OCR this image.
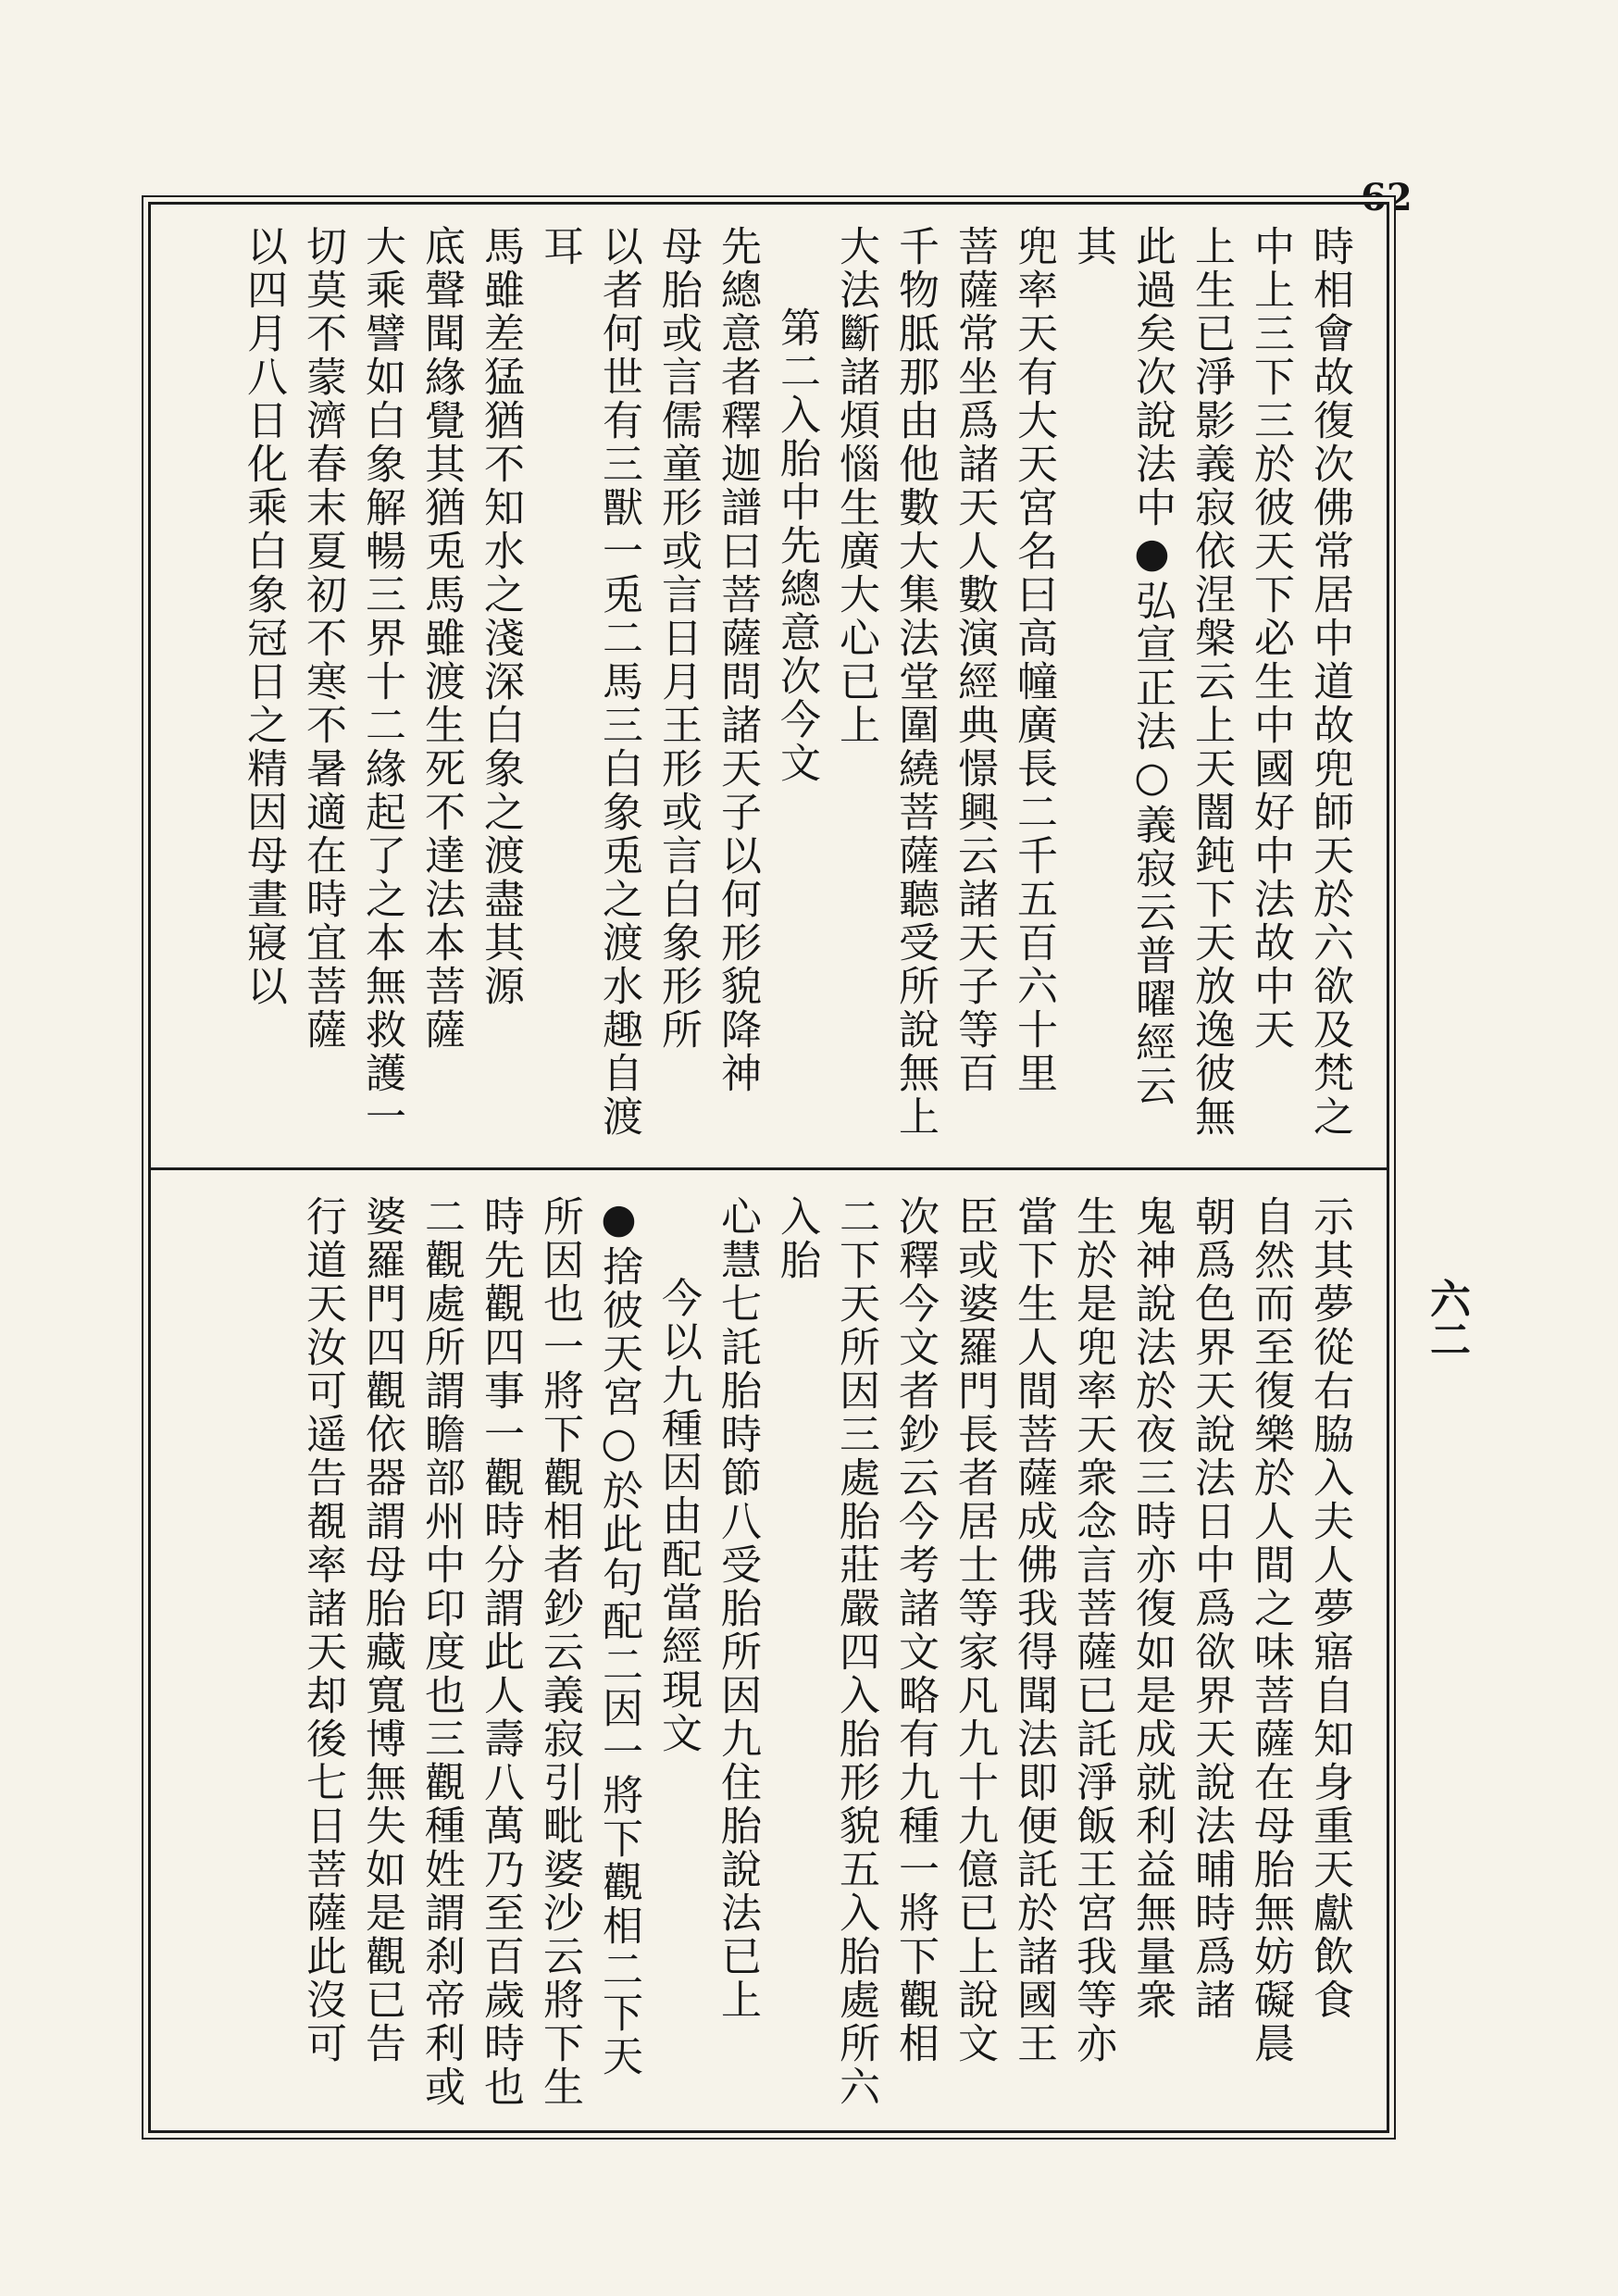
62
六二
時相會故復次佛常居中道故兜師天於六欲及梵之
中上三下三於彼天下必生中國好中法故中天
上生已淨影義寂依涅槃云上天闇鈍下天放逸彼無
此過矣次說法中●弘宣正法○義寂云普曜經云其
兜率天有大天宮名曰高幢廣長二千五百六十里
菩薩常坐爲諸天人數演經典憬興云諸天子等百
千物胝那由他數大集法堂圍繞菩薩聽受所說無上
大法斷諸煩惱生廣大心已上
第二入胎中先總意次今文
先總意者釋迦譜曰菩薩問諸天子以何形貌降神
母胎或言儒童形或言日月王形或言白象形所
以者何世有三獸一兎二馬三白象兎之渡水趣自渡耳
馬雖差猛猶不知水之淺深白象之渡盡其源
底聲聞緣覺其猶兎馬雖渡生死不達法本菩薩
大乘譬如白象解暢三界十二緣起了之本無救護一
切莫不蒙濟春末夏初不寒不暑適在時宜菩薩
以四月八日化乘白象冠日之精因母晝寢以
示其夢從右脇入夫人夢寤自知身重天獻飲食
自然而至復樂於人間之味菩薩在母胎無妨礙晨
朝爲色界天說法日中爲欲界天說法晡時爲諸
鬼神說法於夜三時亦復如是成就利益無量衆
生於是兜率天衆念言菩薩已託淨飯王宮我等亦
當下生人間菩薩成佛我得聞法即便託於諸國王
臣或婆羅門長者居士等家凡九十九億已上說文
次釋今文者鈔云今考諸文略有九種一將下觀相
二下天所因三處胎莊嚴四入胎形貌五入胎處所六入胎
心慧七託胎時節八受胎所因九住胎說法已上
今以九種因由配當經現文
●捨彼天宮○於此句配二因一將下觀相二下天
所因也一將下觀相者鈔云義寂引毗婆沙云將下生
時先觀四事一觀時分謂此人壽八萬乃至百歲時也
二觀處所謂瞻部州中印度也三觀種姓謂刹帝利或
婆羅門四觀依器謂母胎藏寬博無失如是觀已告
行道天汝可遥告覩率諸天却後七日菩薩此沒可
